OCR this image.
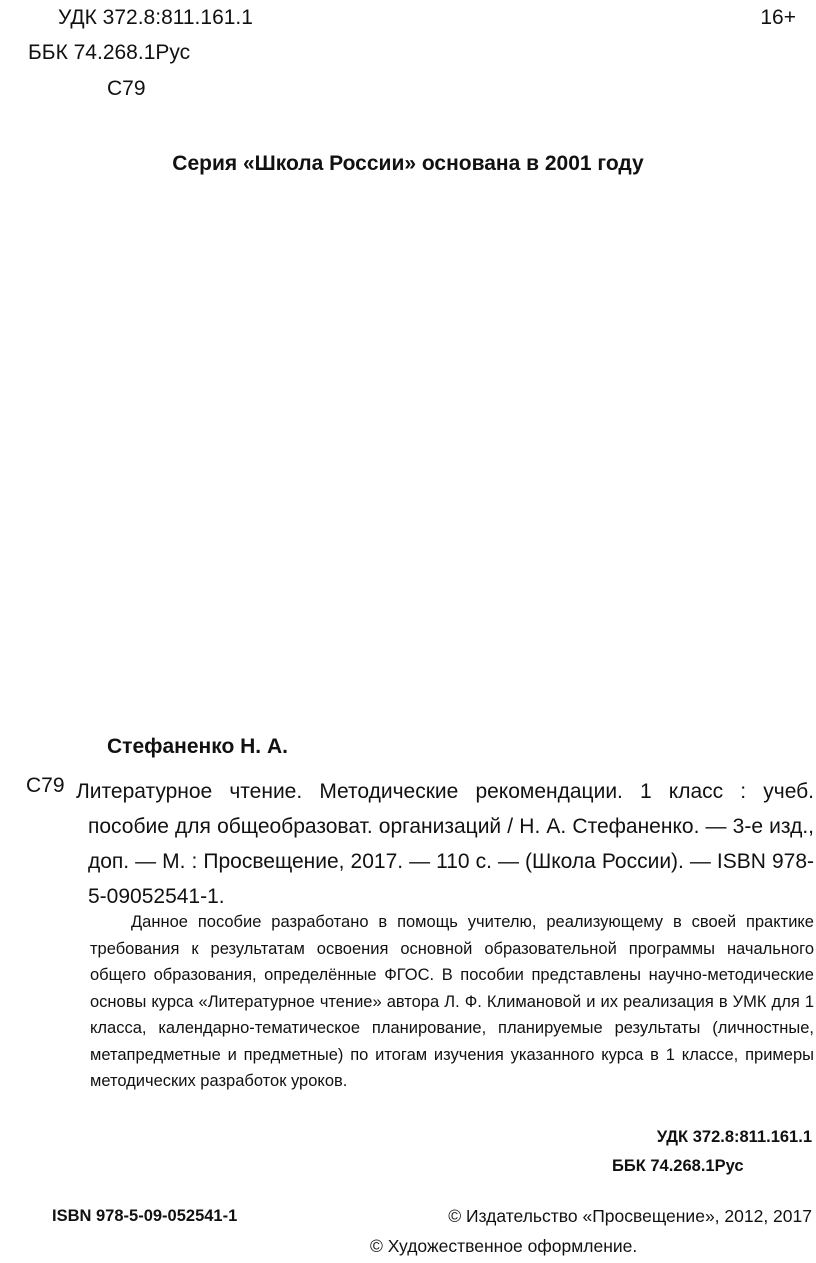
УДК 372.8:811.161.1	16+
ББК 74.268.1Рус
С79
Серия «Школа России» основана в 2001 году
Стефаненко Н. А.
С79 Литературное чтение. Методические рекомендации. 1 класс : учеб. пособие для общеобразоват. организаций / Н. А. Стефаненко. — 3-е изд., доп. — М. : Просвещение, 2017. — 110 с. — (Школа России). — ISBN 978-5-09052541-1.
Данное пособие разработано в помощь учителю, реализующему в своей практике требования к результатам освоения основной образовательной программы начального общего образования, определённые ФГОС. В пособии представлены научно-методические основы курса «Литературное чтение» автора Л. Ф. Климановой и их реализация в УМК для 1 класса, календарно-тематическое планирование, планируемые результаты (личностные, метапредметные и предметные) по итогам изучения указанного курса в 1 классе, примеры методических разработок уроков.
УДК 372.8:811.161.1
ББК 74.268.1Рус
ISBN 978-5-09-052541-1	© Издательство «Просвещение», 2012, 2017
© Художественное оформление.
